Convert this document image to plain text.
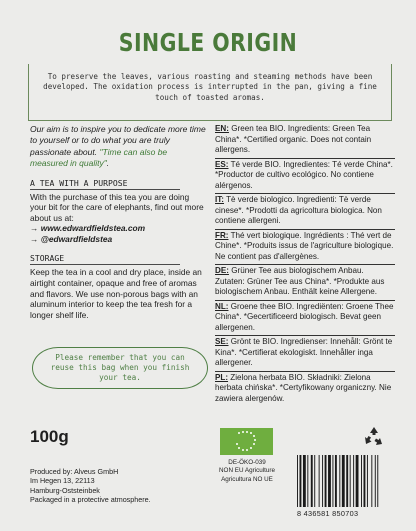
SINGLE ORIGIN
To preserve the leaves, various roasting and steaming methods have been developed. The oxidation process is interrupted in the pan, giving a fine touch of toasted aromas.
Our aim is to inspire you to dedicate more time to yourself or to do what you are truly passionate about. "Time can also be measured in quality".
A TEA WITH A PURPOSE
With the purchase of this tea you are doing your bit for the care of elephants, find out more about us at:
→ www.edwardfieldstea.com
→ @edwardfieldstea
STORAGE
Keep the tea in a cool and dry place, inside an airtight container, opaque and free of aromas and flavors. We use non-porous bags with an aluminum interior to keep the tea fresh for a longer shelf life.
Please remember that you can reuse this bag when you finish your tea.
EN: Green tea BIO. Ingredients: Green Tea China*. *Certified organic. Does not contain allergens.
ES: Té verde BIO. Ingredientes: Té verde China*. *Productor de cultivo ecológico. No contiene alérgenos.
IT: Tè verde biologico. Ingredienti: Tè verde cinese*. *Prodotti da agricoltura biologica. Non contiene allergeni.
FR: Thé vert biologique. Ingrédients : Thé vert de Chine*. *Produits issus de l'agriculture biologique. Ne contient pas d'allergènes.
DE: Grüner Tee aus biologischem Anbau. Zutaten: Grüner Tee aus China*. *Produkte aus biologischem Anbau. Enthält keine Allergene.
NL: Groene thee BIO. Ingrediënten: Groene Thee China*. *Gecertificeerd biologisch. Bevat geen allergenen.
SE: Grönt te BIO. Ingredienser: Innehåll: Grönt te Kina*. *Certifierat ekologiskt. Innehåller inga allergener.
PL: Zielona herbata BIO. Składniki: Zielona herbata chińska*. *Certyfikowany organiczny. Nie zawiera alergenów.
100g
Produced by: Alveus GmbH
Im Hegen 13, 22113
Hamburg-Oststeinbek
Packaged in a protective atmosphere.
DE-ÖKO-039
NON EU Agriculture
Agricultura NO UE
8 436581 850703
